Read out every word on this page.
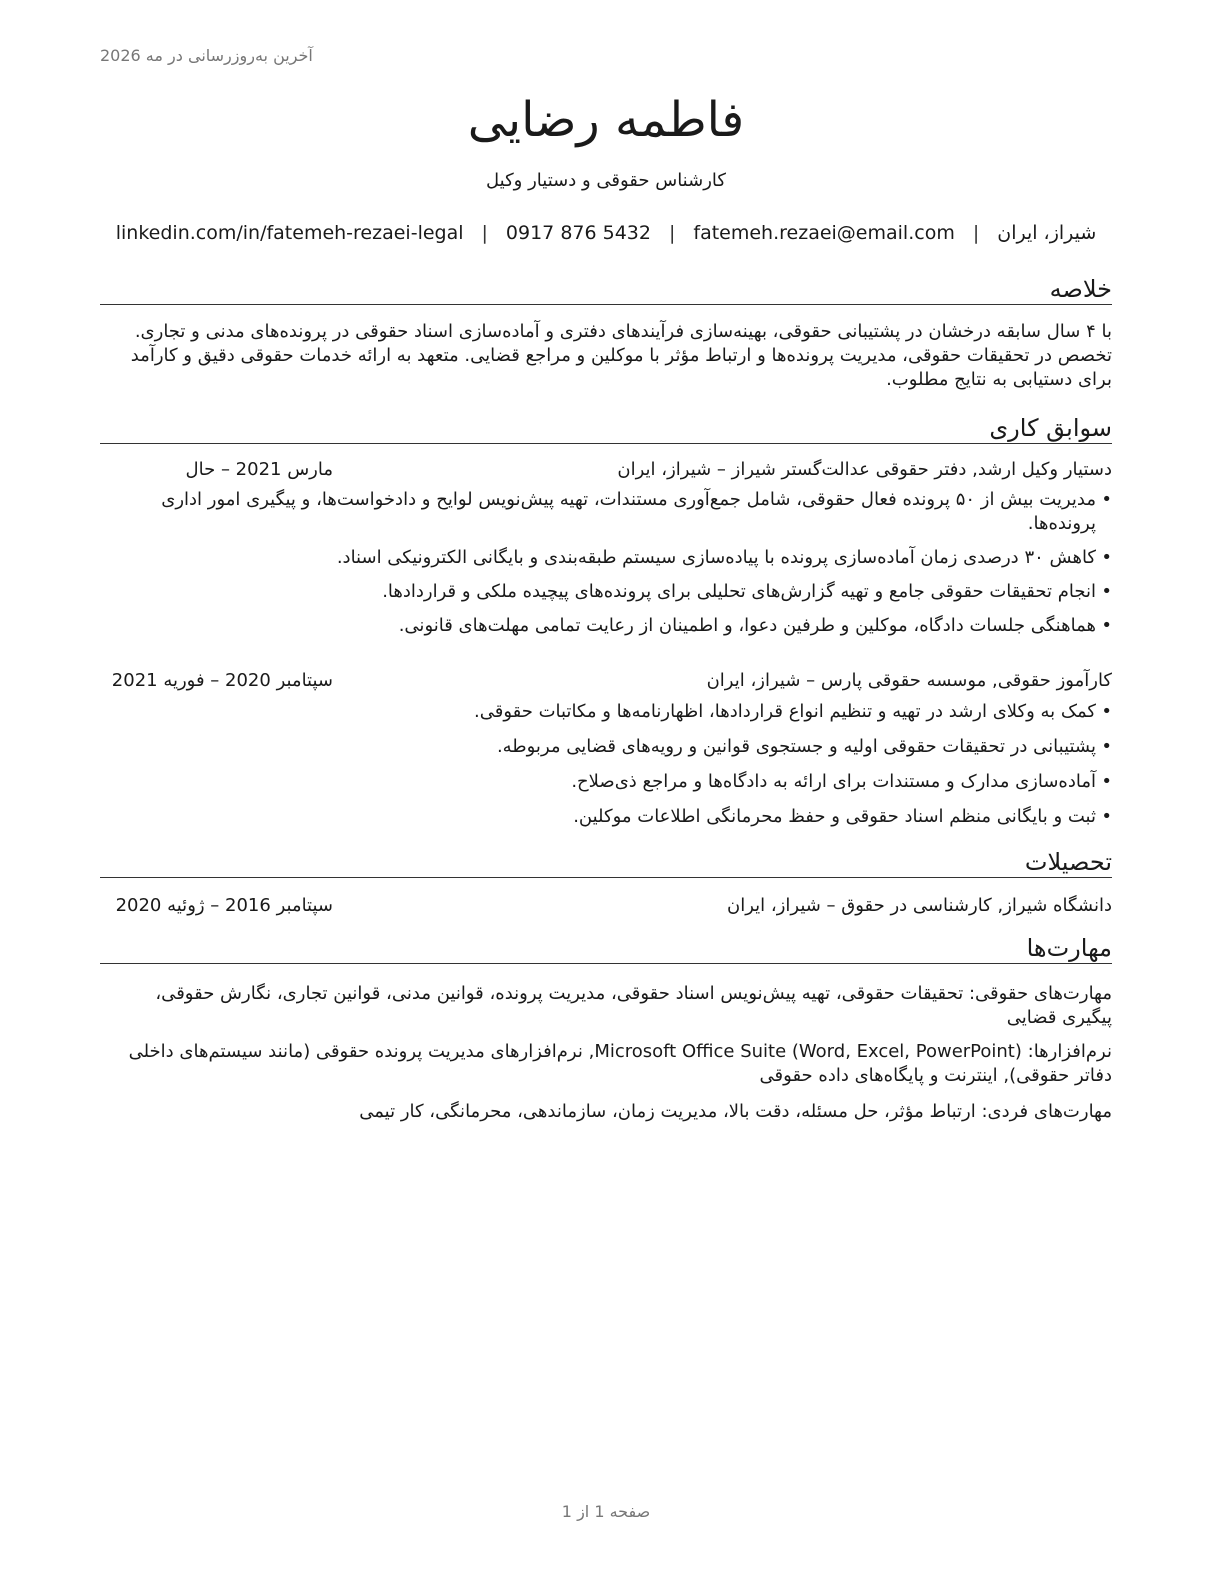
آخرین به‌روزرسانی در مه 2026
فاطمه رضایی
کارشناس حقوقی و دستیار وکیل
شیراز، ایران
|
fatemeh.rezaei@email.com
|
0917 876 5432
|
linkedin.com/in/fatemeh-rezaei-legal
خلاصه
با ۴ سال سابقه درخشان در پشتیبانی حقوقی، بهینه‌سازی فرآیندهای دفتری و آماده‌سازی اسناد حقوقی در پرونده‌های مدنی و تجاری. تخصص در تحقیقات حقوقی، مدیریت پرونده‌ها و ارتباط مؤثر با موکلین و مراجع قضایی. متعهد به ارائه خدمات حقوقی دقیق و کارآمد برای دستیابی به نتایج مطلوب.
سوابق کاری
دستیار وکیل ارشد, دفتر حقوقی عدالت‌گستر شیراز – شیراز، ایران
مارس 2021 – حال
•
مدیریت بیش از ۵۰ پرونده فعال حقوقی، شامل جمع‌آوری مستندات، تهیه پیش‌نویس لوایح و دادخواست‌ها، و پیگیری امور اداری پرونده‌ها.
•
کاهش ۳۰ درصدی زمان آماده‌سازی پرونده با پیاده‌سازی سیستم طبقه‌بندی و بایگانی الکترونیکی اسناد.
•
انجام تحقیقات حقوقی جامع و تهیه گزارش‌های تحلیلی برای پرونده‌های پیچیده ملکی و قراردادها.
•
هماهنگی جلسات دادگاه، موکلین و طرفین دعوا، و اطمینان از رعایت تمامی مهلت‌های قانونی.
کارآموز حقوقی, موسسه حقوقی پارس – شیراز، ایران
سپتامبر 2020 – فوریه 2021
•
کمک به وکلای ارشد در تهیه و تنظیم انواع قراردادها، اظهارنامه‌ها و مکاتبات حقوقی.
•
پشتیبانی در تحقیقات حقوقی اولیه و جستجوی قوانین و رویه‌های قضایی مربوطه.
•
آماده‌سازی مدارک و مستندات برای ارائه به دادگاه‌ها و مراجع ذی‌صلاح.
•
ثبت و بایگانی منظم اسناد حقوقی و حفظ محرمانگی اطلاعات موکلین.
تحصیلات
دانشگاه شیراز, کارشناسی در حقوق – شیراز، ایران
سپتامبر 2016 – ژوئیه 2020
مهارت‌ها
مهارت‌های حقوقی: تحقیقات حقوقی، تهیه پیش‌نویس اسناد حقوقی، مدیریت پرونده، قوانین مدنی، قوانین تجاری، نگارش حقوقی، پیگیری قضایی
نرم‌افزارها: Microsoft Office Suite (Word, Excel, PowerPoint), نرم‌افزارهای مدیریت پرونده حقوقی (مانند سیستم‌های داخلی دفاتر حقوقی), اینترنت و پایگاه‌های داده حقوقی
مهارت‌های فردی: ارتباط مؤثر، حل مسئله، دقت بالا، مدیریت زمان، سازماندهی، محرمانگی، کار تیمی
صفحه 1 از 1
